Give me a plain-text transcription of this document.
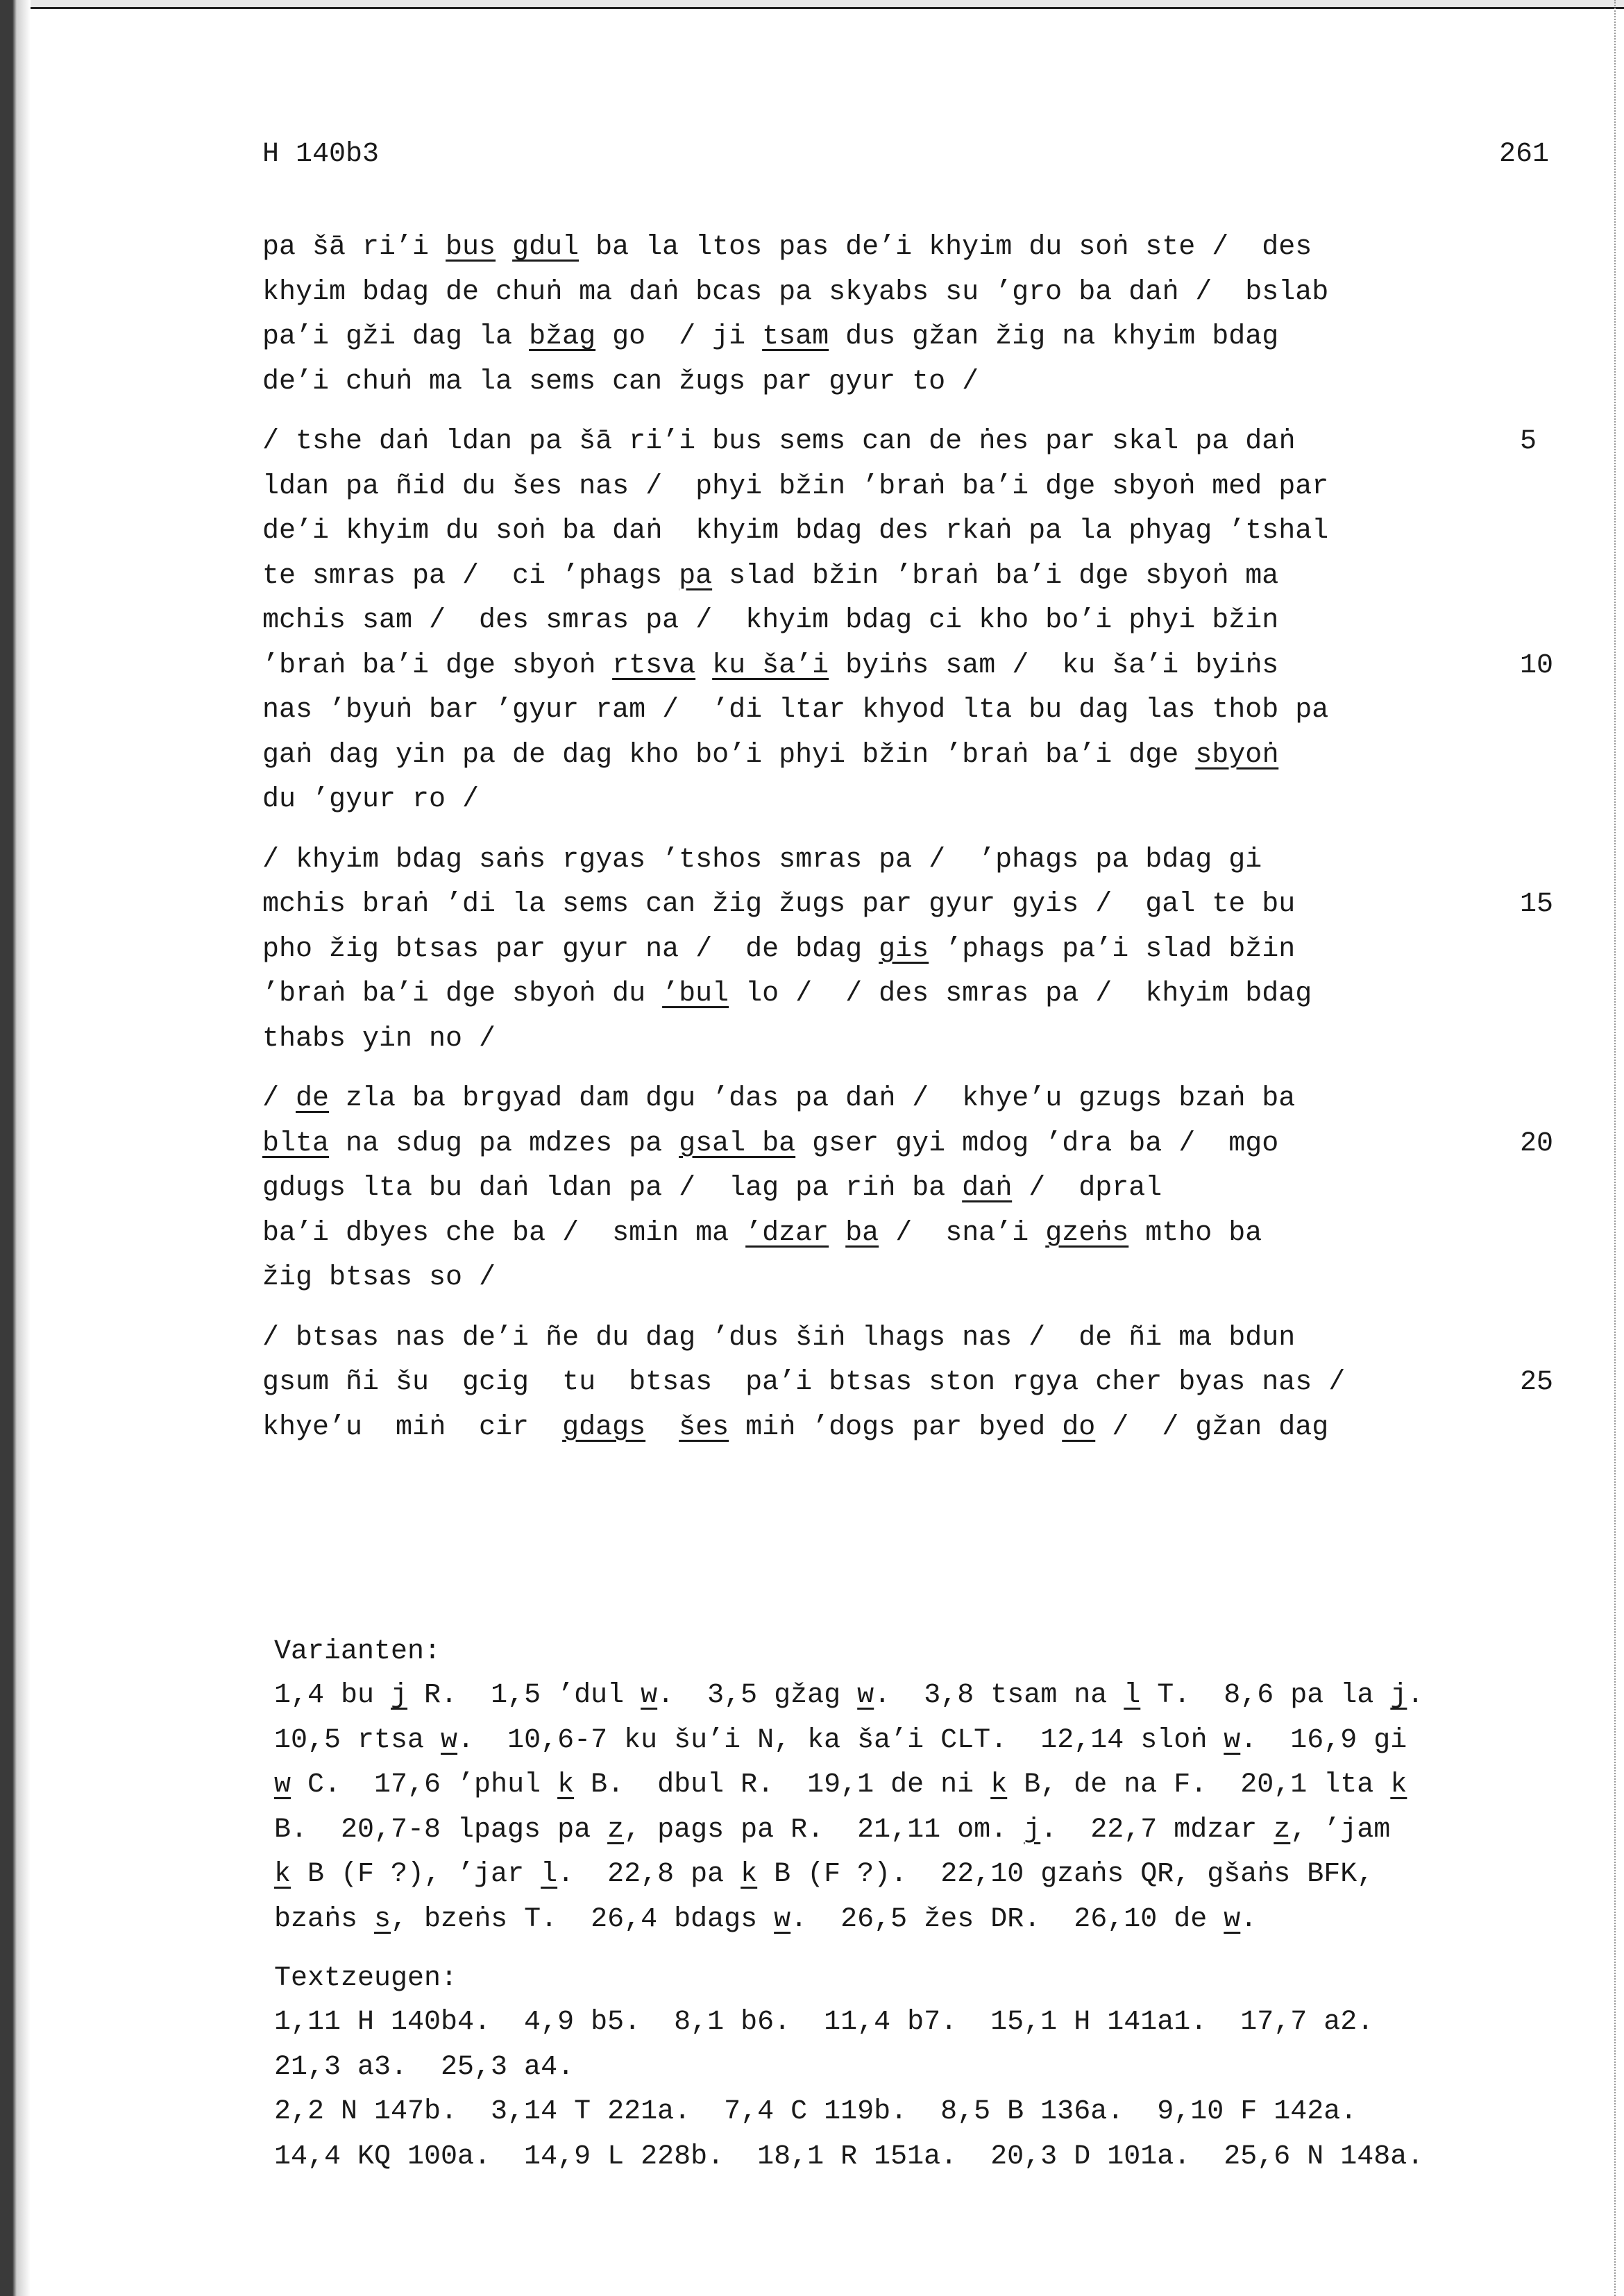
H 140b3	261
pa šā ri’i bus gdul ba la ltos pas de’i khyim du soṅ ste /  des
khyim bdag de chuṅ ma daṅ bcas pa skyabs su ’gro ba daṅ /  bslab
pa’i gži dag la bžag go  / ji tsam dus gžan žig na khyim bdag
de’i chuṅ ma la sems can žugs par gyur to /
/ tshe daṅ ldan pa šā ri’i bus sems can de ṅes par skal pa daṅ	5
ldan pa ñid du šes nas /  phyi bžin ’braṅ ba’i dge sbyoṅ med par
de’i khyim du soṅ ba daṅ  khyim bdag des rkaṅ pa la phyag ’tshal
te smras pa /  ci ’phags pa slad bžin ’braṅ ba’i dge sbyoṅ ma
mchis sam /  des smras pa /  khyim bdag ci kho bo’i phyi bžin
’braṅ ba’i dge sbyoṅ rtsva ku ša’i byiṅs sam /  ku ša’i byiṅs	10
nas ’byuṅ bar ’gyur ram /  ’di ltar khyod lta bu dag las thob pa
gaṅ dag yin pa de dag kho bo’i phyi bžin ’braṅ ba’i dge sbyoṅ
du ’gyur ro /
/ khyim bdag saṅs rgyas ’tshos smras pa /  ’phags pa bdag gi
mchis braṅ ’di la sems can žig žugs par gyur gyis /  gal te bu	15
pho žig btsas par gyur na /  de bdag gis ’phags pa’i slad bžin
’braṅ ba’i dge sbyoṅ du ’bul lo /  / des smras pa /  khyim bdag
thabs yin no /
/ de zla ba brgyad dam dgu ’das pa daṅ /  khye’u gzugs bzaṅ ba
blta na sdug pa mdzes pa gsal ba gser gyi mdog ’dra ba /  mgo	20
gdugs lta bu daṅ ldan pa /  lag pa riṅ ba daṅ /  dpral
ba’i dbyes che ba /  smin ma ’dzar ba /  sna’i gzeṅs mtho ba
žig btsas so /
/ btsas nas de’i ñe du dag ’dus šiṅ lhags nas /  de ñi ma bdun
gsum ñi šu  gcig  tu  btsas  pa’i btsas ston rgya cher byas nas /	25
khye’u  miṅ  cir  gdags šes miṅ ’dogs par byed do /  / gžan dag
Varianten:
1,4 bu j R.  1,5 ’dul w.  3,5 gžag w.  3,8 tsam na l T.  8,6 pa la j.
10,5 rtsa w.  10,6-7 ku šu’i N, ka ša’i CLT.  12,14 sloṅ w.  16,9 gi
w C.  17,6 ’phul k B.  dbul R.  19,1 de ni k B, de na F.  20,1 lta k
B.  20,7-8 lpags pa z, pags pa R.  21,11 om. j.  22,7 mdzar z, ’jam
k B (F ?), ’jar l.  22,8 pa k B (F ?).  22,10 gzaṅs QR, gšaṅs BFK,
bzaṅs s, bzeṅs T.  26,4 bdags w.  26,5 žes DR.  26,10 de w.
Textzeugen:
1,11 H 140b4.  4,9 b5.  8,1 b6.  11,4 b7.  15,1 H 141a1.  17,7 a2.
21,3 a3.  25,3 a4.
2,2 N 147b.  3,14 T 221a.  7,4 C 119b.  8,5 B 136a.  9,10 F 142a.
14,4 KQ 100a.  14,9 L 228b.  18,1 R 151a.  20,3 D 101a.  25,6 N 148a.
